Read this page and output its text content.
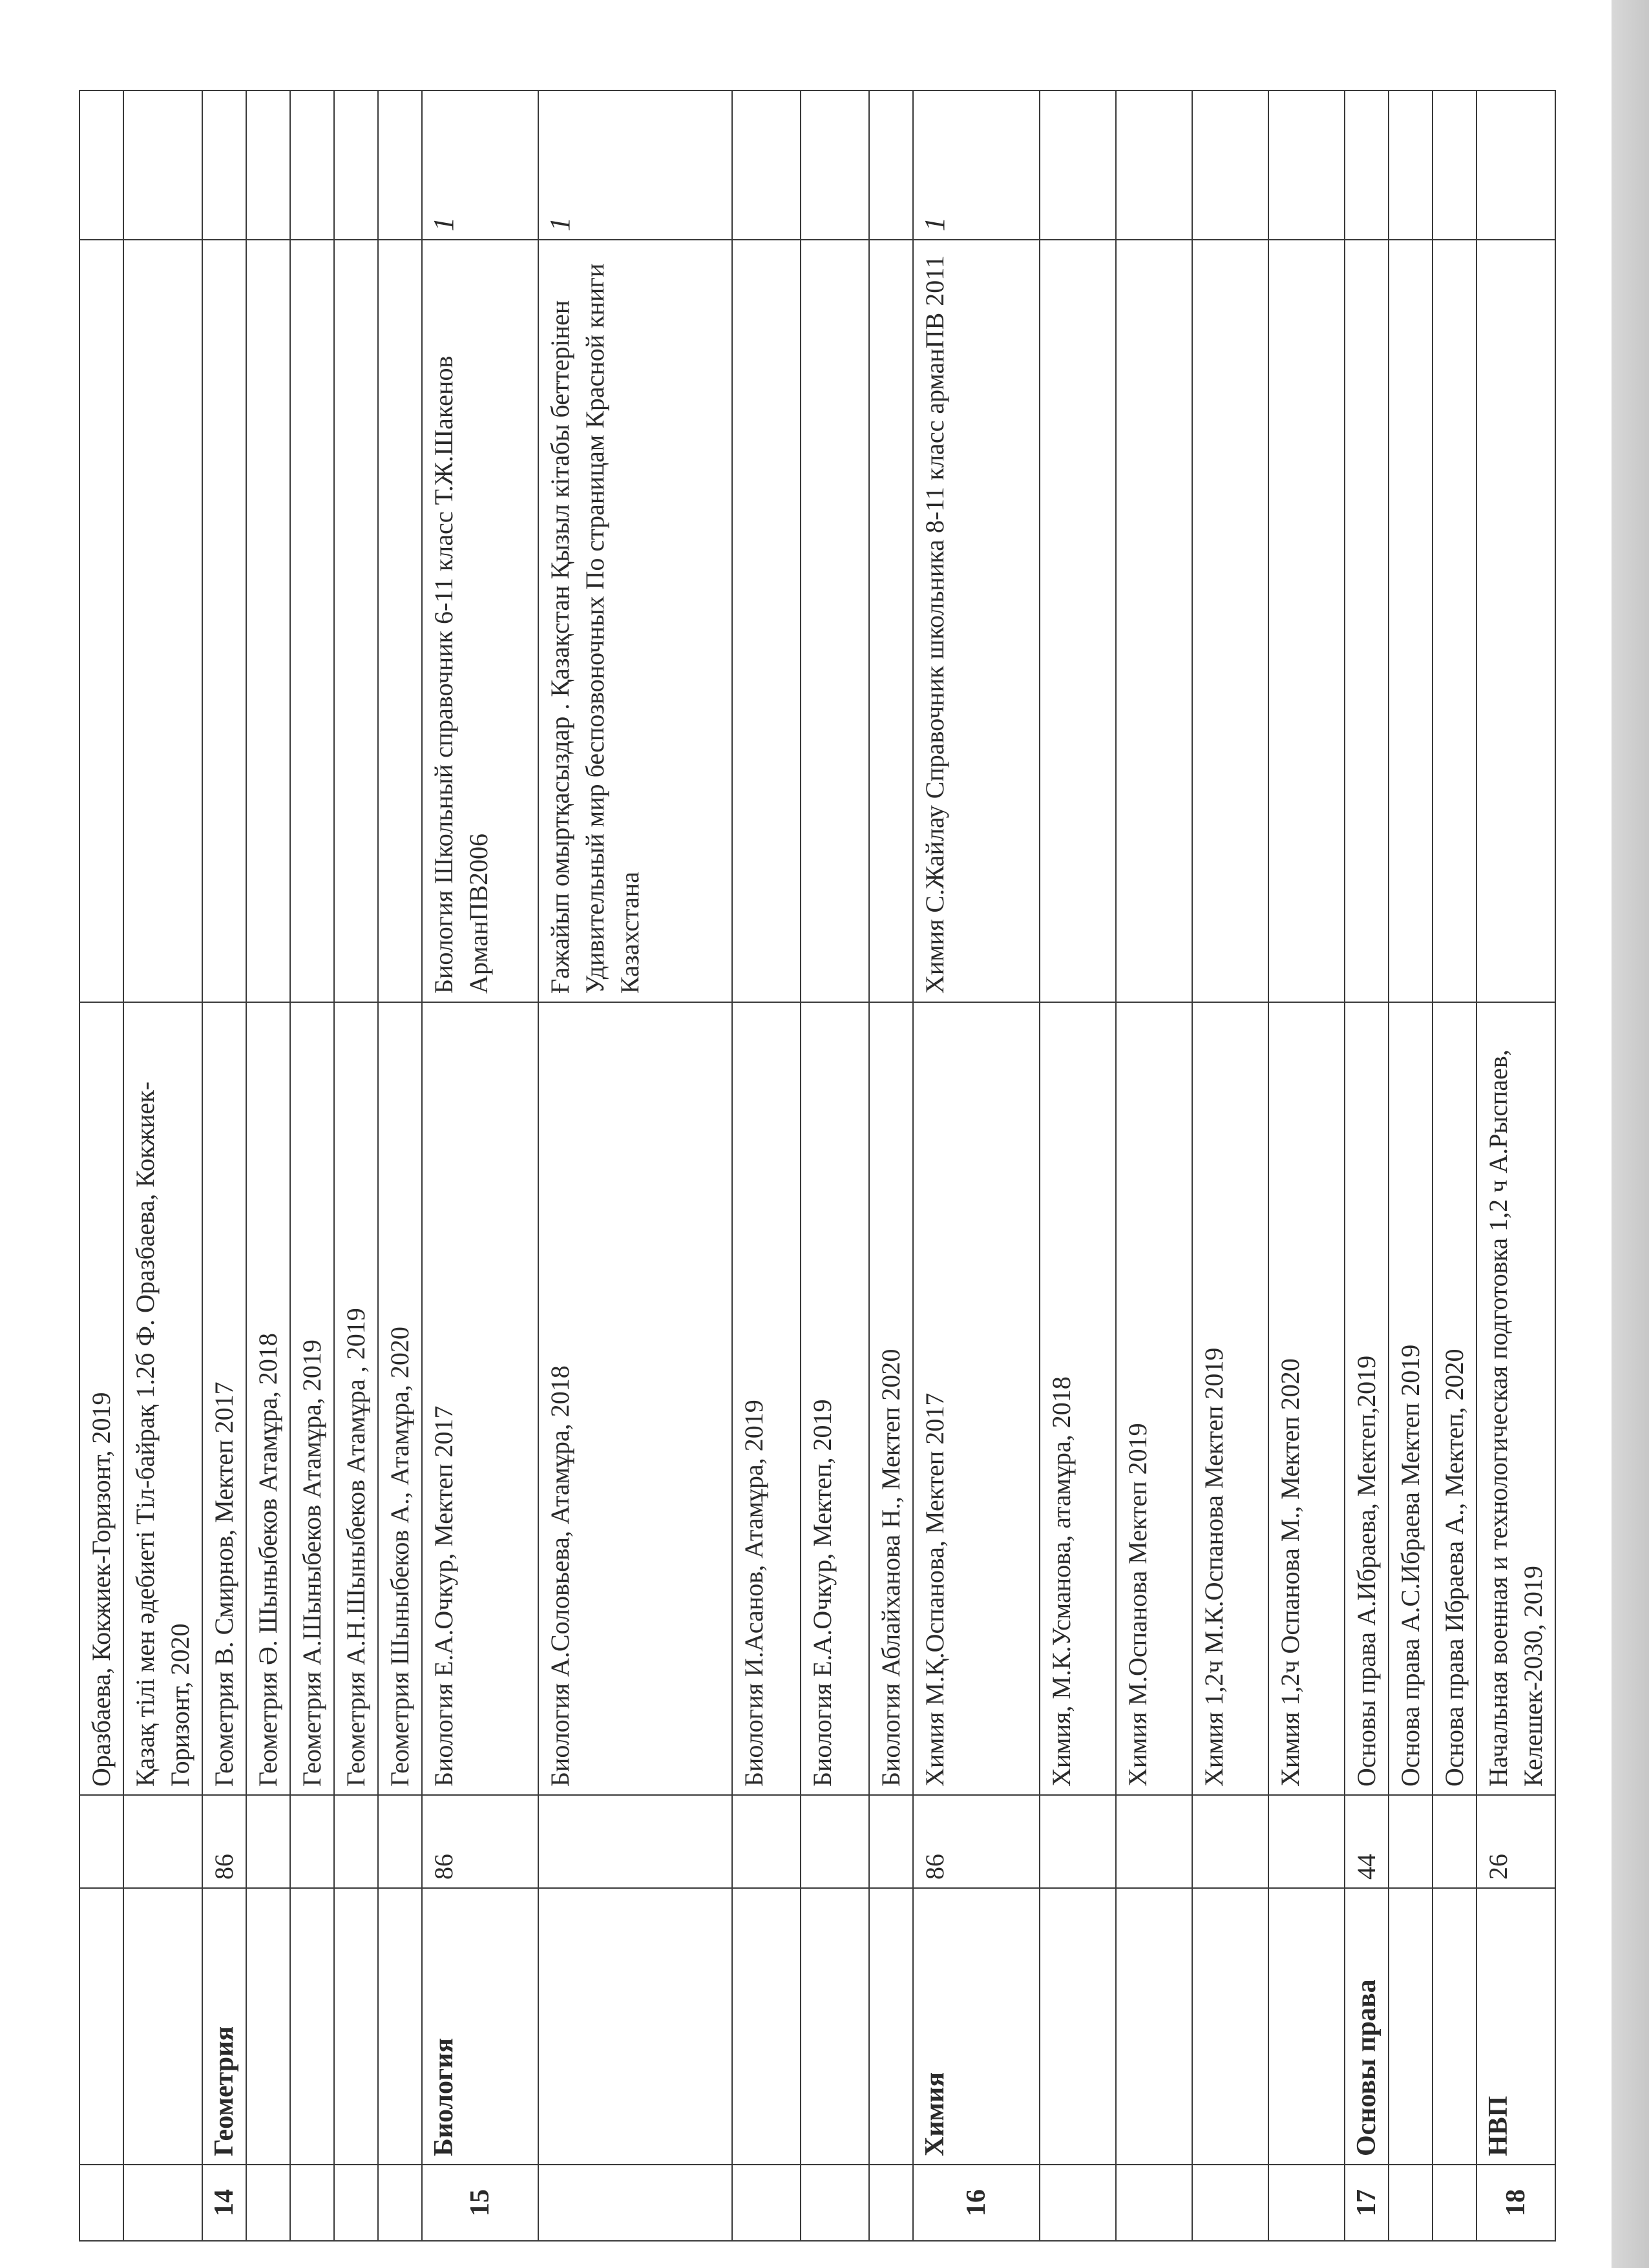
			Оразбаева, Кокжиек-Горизонт, 2019		
			Қазақ тілі мен әдебиеті Тіл-байрақ 1.2б Ф. Оразбаева, Кокжиек-Горизонт, 2020		
14	Геометрия	86	Геометрия В. Смирнов, Мектеп 2017		
			Геометрия Ә. Шыныбеков Атамұра, 2018		
			Геометрия А.Шыныбеков Атамұра, 2019		
			Геометрия А.Н.Шыныбеков Атамұра , 2019		
			Геометрия Шыныбеков А., Атамұра, 2020		
15	Биология	86	Биология Е.А.Очкур, Мектеп 2017	Биология Школьный справочник 6-11 класс Т.Ж.Шакенов АрманПВ2006	1
			Биология А.Соловьева, Атамұра, 2018	Ғажайып омыртқасыздар . Қазақстан Қызыл кітабы беттерінен Удивительный мир беспозвоночных По страницам Красной книги Казахстана	1
			Биология И.Асанов, Атамұра, 2019		
			Биология Е.А.Очкур, Мектеп, 2019		
			Биология Аблайханова Н., Мектеп 2020		
16	Химия	86	Химия М.Қ.Оспанова, Мектеп 2017	Химия С.Жайлау Справочник школьника 8-11 класс арманПВ 2011	1
			Химия, М.К.Усманова, атамұра, 2018		
			Химия М.Оспанова Мектеп 2019		
			Химия 1,2ч М.К.Оспанова Мектеп 2019		
			Химия 1,2ч Оспанова М., Мектеп 2020		
17	Основы права	44	Основы права А.Ибраева, Мектеп,2019		
			Основа права А.С.Ибраева Мектеп 2019		
			Основа права Ибраева А., Мектеп, 2020		
18	НВП	26	Начальная военная и технологическая подготовка 1,2 ч А.Рыспаев, Келешек-2030, 2019		
